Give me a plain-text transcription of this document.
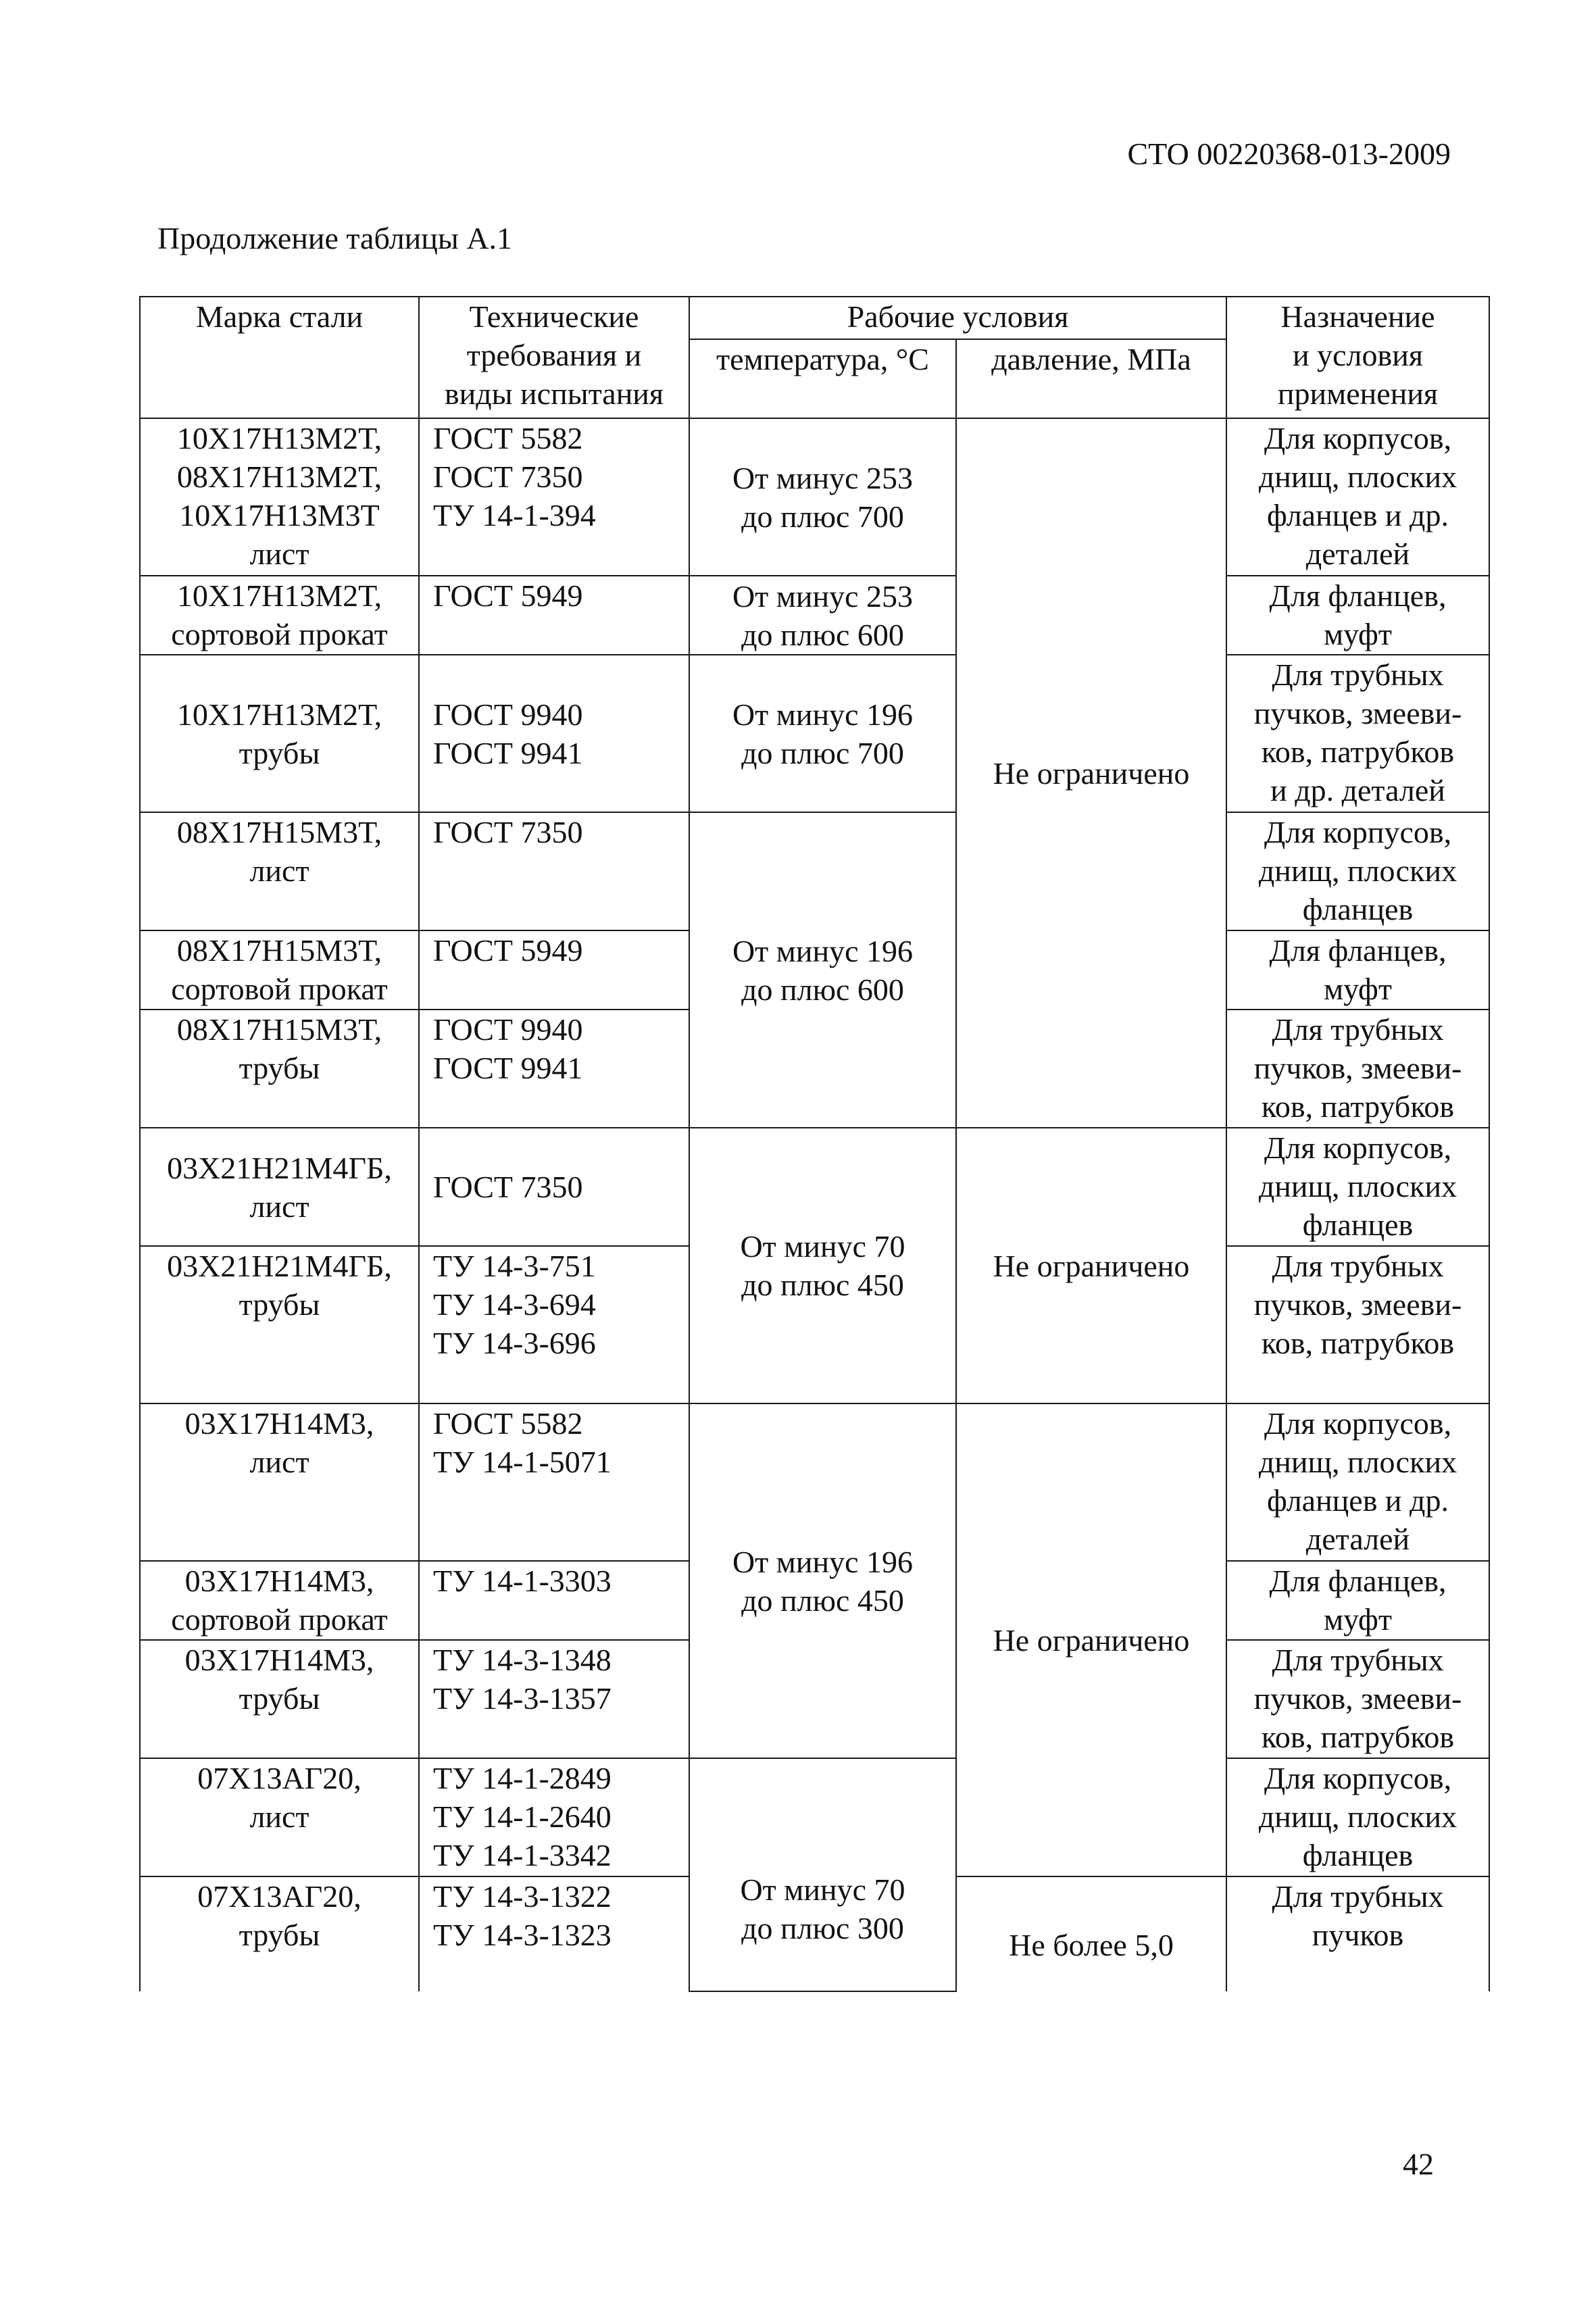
СТО 00220368-013-2009
Продолжение таблицы А.1
Марка стали	Технические
требования и
виды испытания	Рабочие условия		Назначение
и условия
применения

		температура, °С	давление, МПа	

10Х17Н13М2Т,
08Х17Н13М2Т,
10Х17Н13М3Т
лист	ГОСТ 5582
ГОСТ 7350
ТУ 14-1-394	От минус 253
до плюс 700	Не ограничено	Для корпусов,
днищ, плоских
фланцев и др.
деталей

10Х17Н13М2Т,
сортовой прокат	ГОСТ 5949	От минус 253
до плюс 600		Для фланцев,
муфт

10Х17Н13М2Т,
трубы	ГОСТ 9940
ГОСТ 9941	От минус 196
до плюс 700		Для трубных
пучков, змееви-
ков, патрубков
и др. деталей

08Х17Н15М3Т,
лист	ГОСТ 7350	От минус 196
до плюс 600		Для корпусов,
днищ, плоских
фланцев

08Х17Н15М3Т,
сортовой прокат	ГОСТ 5949			Для фланцев,
муфт

08Х17Н15М3Т,
трубы	ГОСТ 9940
ГОСТ 9941			Для трубных
пучков, змееви-
ков, патрубков

03Х21Н21М4ГБ,
лист	ГОСТ 7350	От минус 70
до плюс 450	Не ограничено	Для корпусов,
днищ, плоских
фланцев

03Х21Н21М4ГБ,
трубы	ТУ 14-3-751
ТУ 14-3-694
ТУ 14-3-696			Для трубных
пучков, змееви-
ков, патрубков

03Х17Н14М3,
лист	ГОСТ 5582
ТУ 14-1-5071	От минус 196
до плюс 450	Не ограничено	Для корпусов,
днищ, плоских
фланцев и др.
деталей

03Х17Н14М3,
сортовой прокат	ТУ 14-1-3303			Для фланцев,
муфт

03Х17Н14М3,
трубы	ТУ 14-3-1348
ТУ 14-3-1357			Для трубных
пучков, змееви-
ков, патрубков

07Х13АГ20,
лист	ТУ 14-1-2849
ТУ 14-1-2640
ТУ 14-1-3342	От минус 70
до плюс 300		Для корпусов,
днищ, плоских
фланцев

07Х13АГ20,
трубы	ТУ 14-3-1322
ТУ 14-3-1323		Не более 5,0	Для трубных
пучков
42
